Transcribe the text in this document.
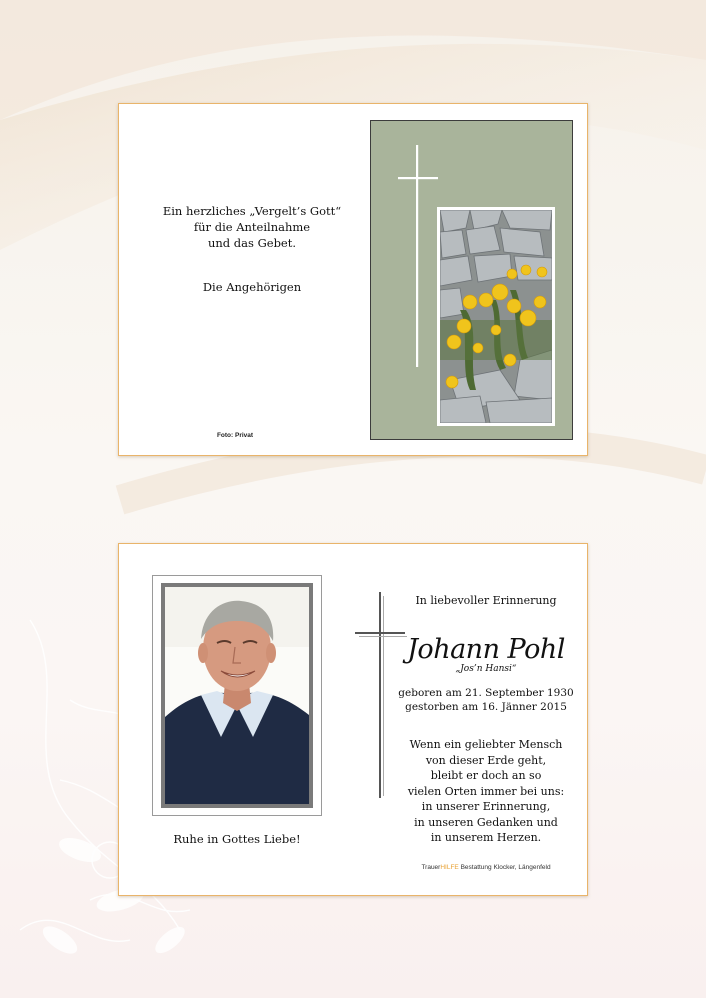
Ein herzliches „Vergelt’s Gott“
für die Anteilnahme
und das Gebet.
Die Angehörigen
Foto: Privat
Ruhe in Gottes Liebe!
In liebevoller Erinnerung
Johann Pohl
„Jos’n Hansi“
geboren am 21. September 1930
gestorben am 16. Jänner 2015
Wenn ein geliebter Mensch
von dieser Erde geht,
bleibt er doch an so
vielen Orten immer bei uns:
in unserer Erinnerung,
in unseren Gedanken und
in unserem Herzen.
TrauerHILFE Bestattung Klocker, Längenfeld
